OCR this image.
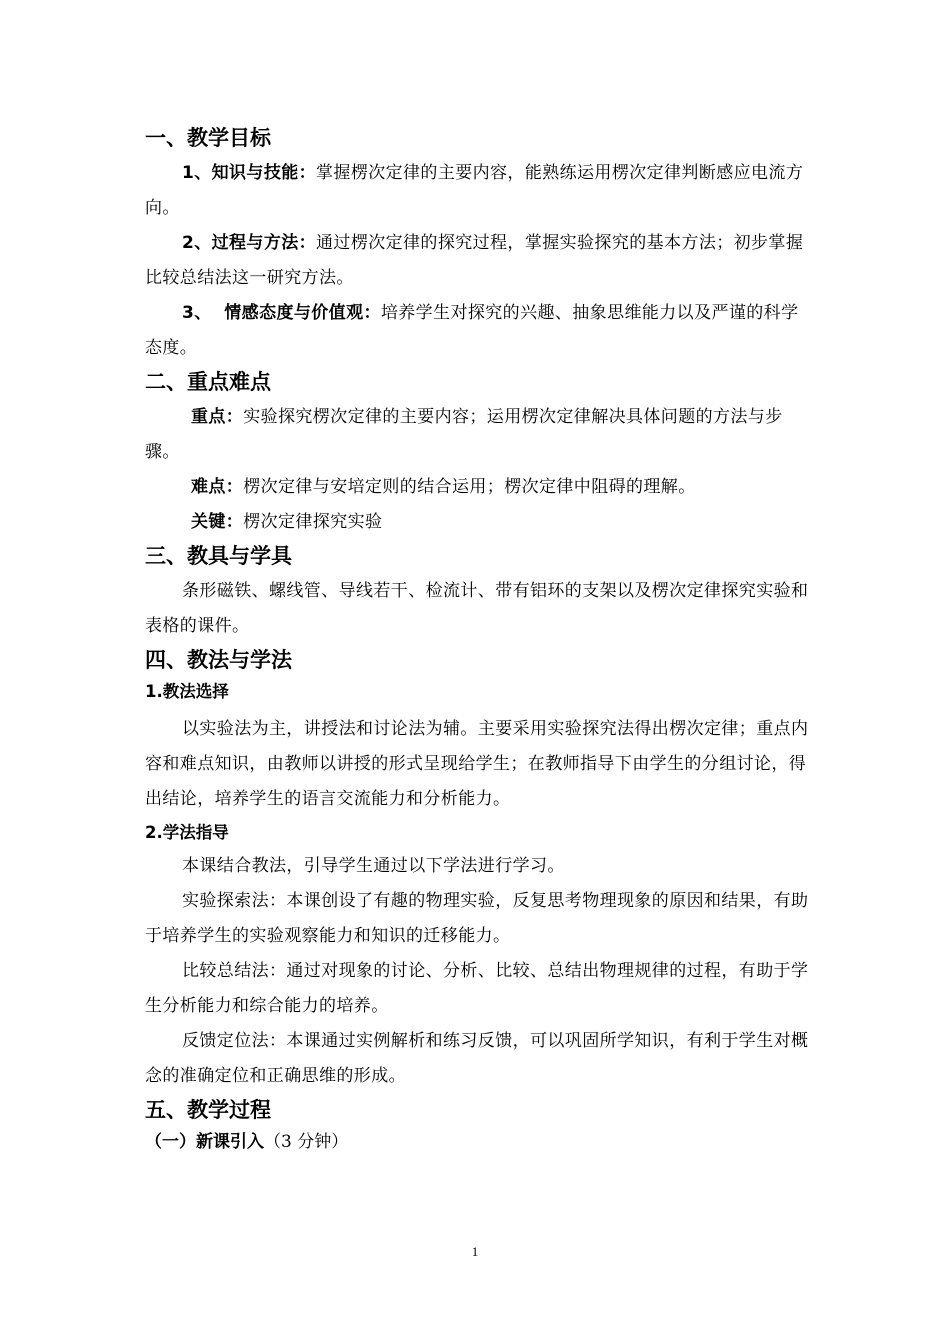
一、教学目标

1、知识与技能：掌握楞次定律的主要内容，能熟练运用楞次定律判断感应电流方向。

2、过程与方法：通过楞次定律的探究过程，掌握实验探究的基本方法；初步掌握比较总结法这一研究方法。

3、  情感态度与价值观：培养学生对探究的兴趣、抽象思维能力以及严谨的科学态度。

二、重点难点

重点：实验探究楞次定律的主要内容；运用楞次定律解决具体问题的方法与步骤。

难点：楞次定律与安培定则的结合运用；楞次定律中阻碍的理解。

关键：楞次定律探究实验

三、教具与学具

条形磁铁、螺线管、导线若干、检流计、带有铝环的支架以及楞次定律探究实验和表格的课件。

四、教法与学法
1.教法选择

以实验法为主，讲授法和讨论法为辅。主要采用实验探究法得出楞次定律；重点内容和难点知识，由教师以讲授的形式呈现给学生；在教师指导下由学生的分组讨论，得出结论，培养学生的语言交流能力和分析能力。

2.学法指导

本课结合教法，引导学生通过以下学法进行学习。

实验探索法：本课创设了有趣的物理实验，反复思考物理现象的原因和结果，有助于培养学生的实验观察能力和知识的迁移能力。

比较总结法：通过对现象的讨论、分析、比较、总结出物理规律的过程，有助于学生分析能力和综合能力的培养。

反馈定位法：本课通过实例解析和练习反馈，可以巩固所学知识，有利于学生对概念的准确定位和正确思维的形成。

五、教学过程
（一）新课引入（3 分钟）
1
